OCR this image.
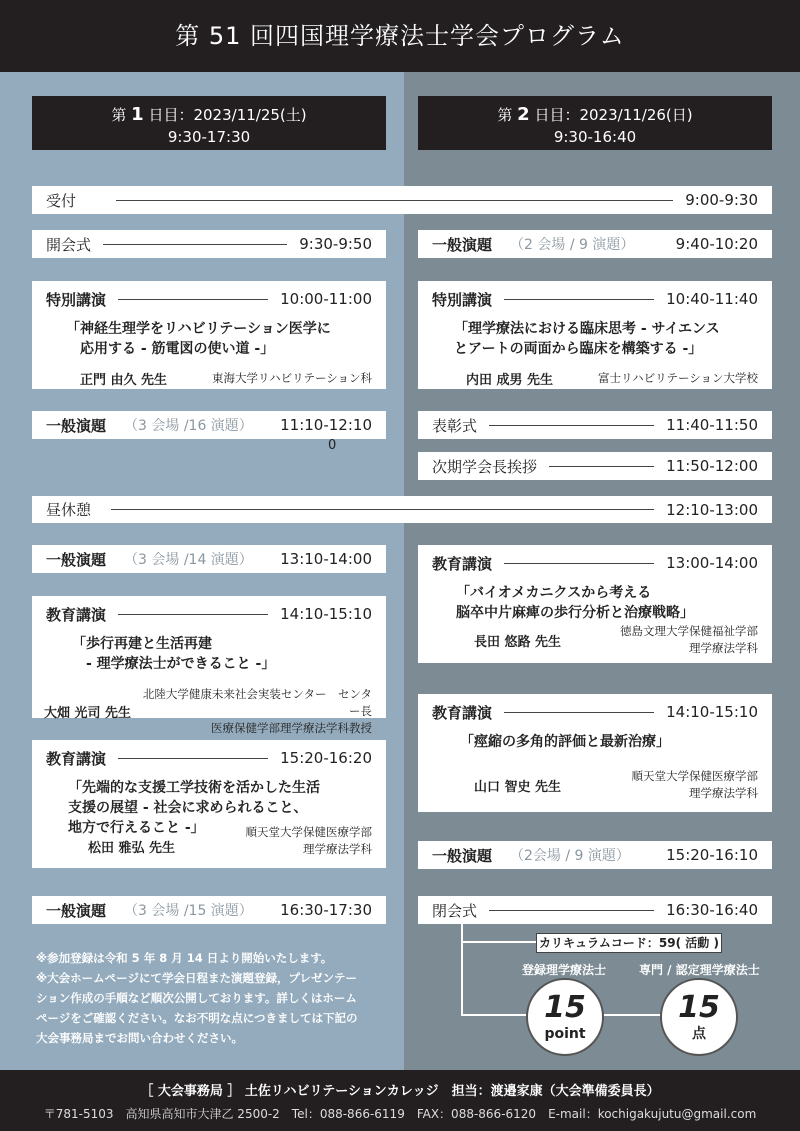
第 51 回四国理学療法士学会プログラム
第 1 日目：2023/11/25(土)
9:30-17:30
第 2 日目：2023/11/26(日)
9:30-16:40
受付	9:00-9:30
開会式	9:30-9:50
特別講演	10:00-11:00
「神経生理学をリハビリテーション医学に
応用する - 筋電図の使い道 -」
正門 由久 先生	東海大学リハビリテーション科
一般演題 （3 会場 /16 演題）	11:10-12:10
0
昼休憩	12:10-13:00
一般演題 （3 会場 /14 演題）	13:10-14:00
教育講演	14:10-15:10
「歩行再建と生活再建
- 理学療法士ができること -」
大畑 光司 先生
北陸大学健康未来社会実装センター　センター長
医療保健学部理学療法学科教授
教育講演	15:20-16:20
「先端的な支援工学技術を活かした生活
支援の展望 - 社会に求められること、
地方で行えること -」
松田 雅弘 先生
順天堂大学保健医療学部
理学療法学科
一般演題 （3 会場 /15 演題）	16:30-17:30
※参加登録は令和 5 年 8 月 14 日より開始いたします。
※大会ホームページにて学会日程また演題登録，プレゼンテー
ション作成の手順など順次公開しております。詳しくはホーム
ページをご確認ください。なお不明な点につきましては下記の
大会事務局までお問い合わせください。
一般演題 （2 会場 / 9 演題）	9:40-10:20
特別講演	10:40-11:40
「理学療法における臨床思考 - サイエンス
とアートの両面から臨床を構築する -」
内田 成男 先生	富士リハビリテーション大学校
表彰式	11:40-11:50
次期学会長挨拶	11:50-12:00
教育講演	13:00-14:00
「バイオメカニクスから考える
脳卒中片麻痺の歩行分析と治療戦略」
長田 悠路 先生
徳島文理大学保健福祉学部
理学療法学科
教育講演	14:10-15:10
「痙縮の多角的評価と最新治療」
山口 智史 先生
順天堂大学保健医療学部
理学療法学科
一般演題 （2会場 / 9 演題）	15:20-16:10
閉会式	16:30-16:40
カリキュラムコード：59( 活動 )
登録理学療法士	専門 / 認定理学療法士
15
point
15
点
［ 大会事務局 ］ 土佐リハビリテーションカレッジ　担当：渡邉家康（大会準備委員長）
〒781-5103　高知県高知市大津乙 2500-2　Tel：088-866-6119　FAX：088-866-6120　E-mail：kochigakujutu@gmail.com
